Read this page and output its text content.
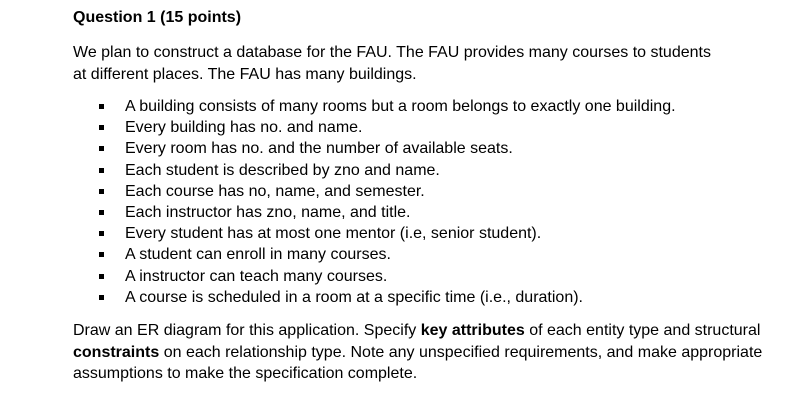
Question 1 (15 points)
We plan to construct a database for the FAU. The FAU provides many courses to students
at different places. The FAU has many buildings.
A building consists of many rooms but a room belongs to exactly one building.
Every building has no. and name.
Every room has no. and the number of available seats.
Each student is described by zno and name.
Each course has no, name, and semester.
Each instructor has zno, name, and title.
Every student has at most one mentor (i.e, senior student).
A student can enroll in many courses.
A instructor can teach many courses.
A course is scheduled in a room at a specific time (i.e., duration).
Draw an ER diagram for this application. Specify key attributes of each entity type and structural constraints on each relationship type. Note any unspecified requirements, and make appropriate assumptions to make the specification complete.
